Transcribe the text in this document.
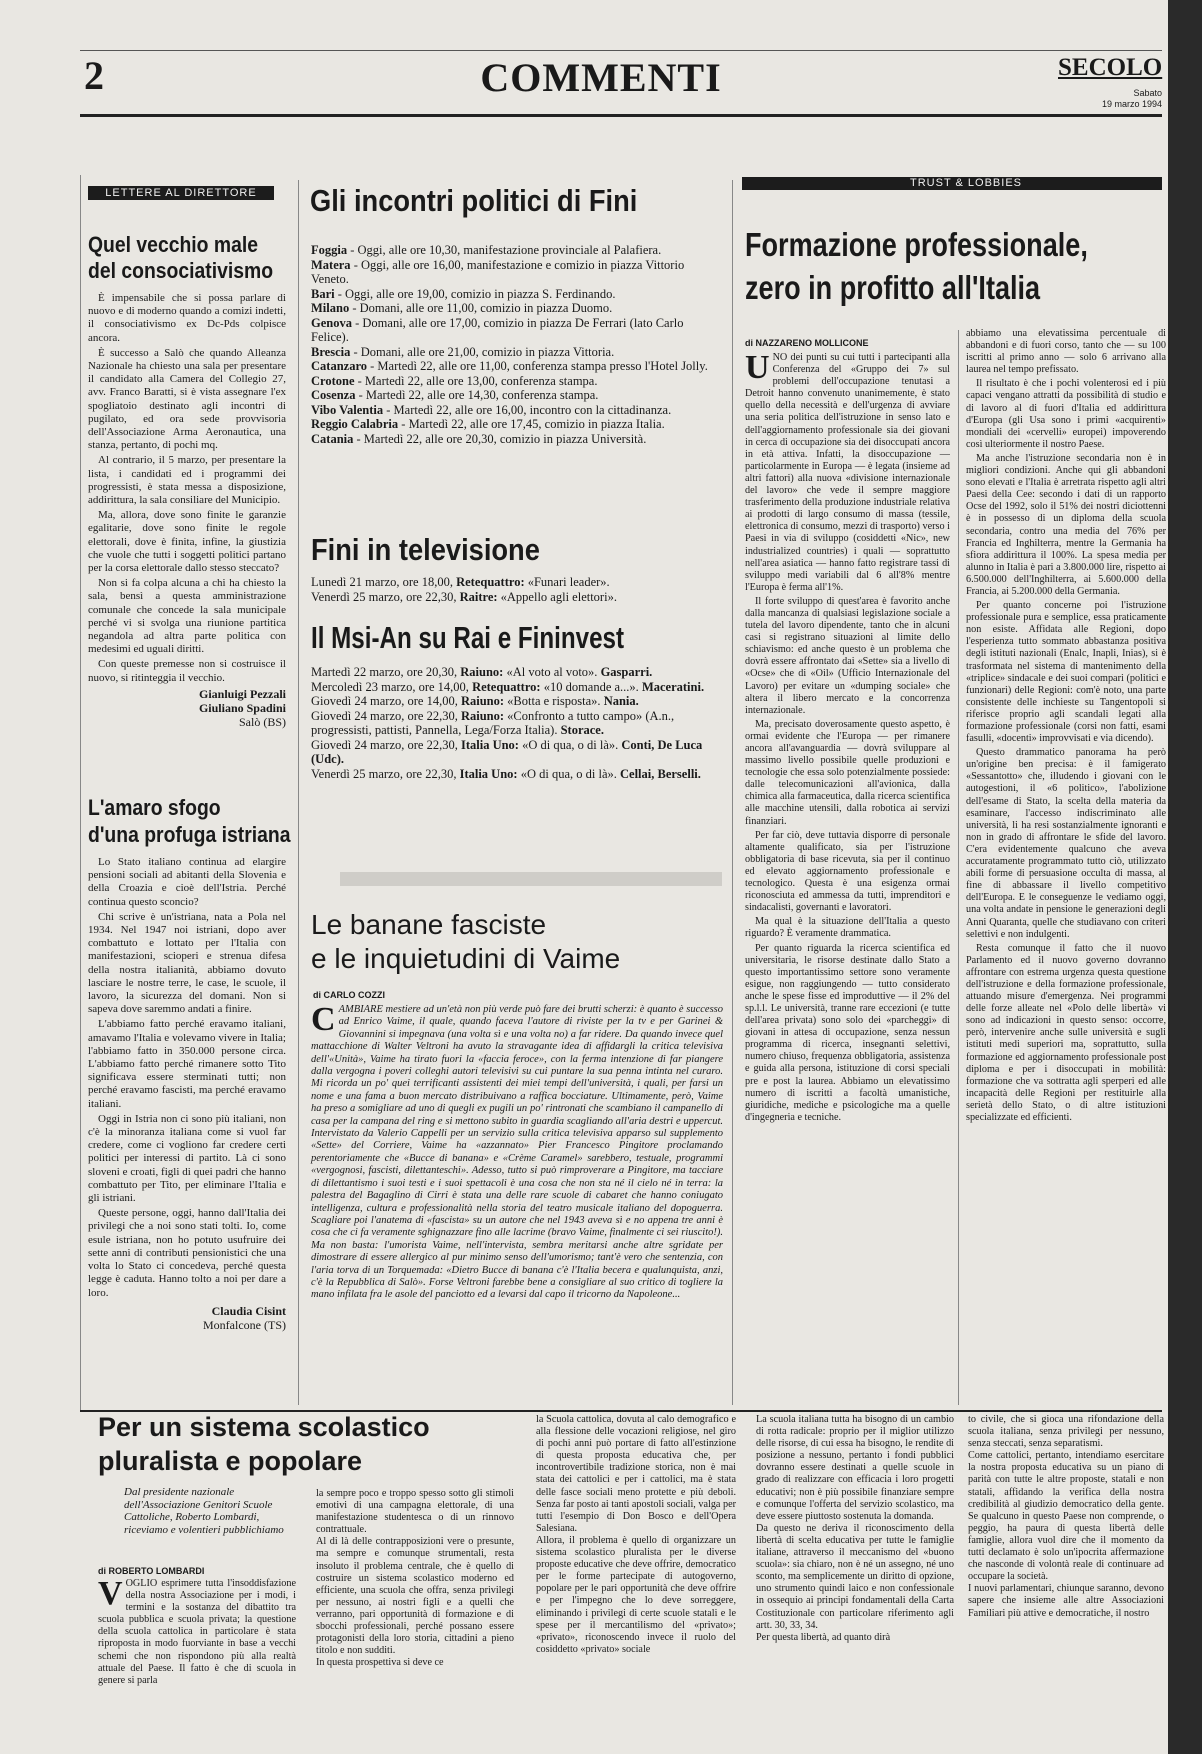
2	COMMENTI	SECOLO
Sabato
19 marzo 1994
LETTERE AL DIRETTORE
Quel vecchio male
del consociativismo

È impensabile che si possa parlare di nuovo e di moderno quando a comizi indetti, il consociativismo ex Dc-Pds colpisce ancora.

È successo a Salò che quando Alleanza Nazionale ha chiesto una sala per presentare il candidato alla Camera del Collegio 27, avv. Franco Baratti, si è vista assegnare l'ex spogliatoio destinato agli incontri di pugilato, ed ora sede provvisoria dell'Associazione Arma Aeronautica, una stanza, pertanto, di pochi mq.

Al contrario, il 5 marzo, per presentare la lista, i candidati ed i programmi dei progressisti, è stata messa a disposizione, addirittura, la sala consiliare del Municipio.

Ma, allora, dove sono finite le garanzie egalitarie, dove sono finite le regole elettorali, dove è finita, infine, la giustizia che vuole che tutti i soggetti politici partano per la corsa elettorale dallo stesso steccato?

Non si fa colpa alcuna a chi ha chiesto la sala, bensì a questa amministrazione comunale che concede la sala municipale perché vi si svolga una riunione partitica negandola ad altra parte politica con medesimi ed uguali diritti.

Con queste premesse non si costruisce il nuovo, si ritinteggia il vecchio.

Gianluigi Pezzali
Giuliano Spadini
Salò (BS)
L'amaro sfogo
d'una profuga istriana

Lo Stato italiano continua ad elargire pensioni sociali ad abitanti della Slovenia e della Croazia e cioè dell'Istria. Perché continua questo sconcio?

Chi scrive è un'istriana, nata a Pola nel 1934. Nel 1947 noi istriani, dopo aver combattuto e lottato per l'Italia con manifestazioni, scioperi e strenua difesa della nostra italianità, abbiamo dovuto lasciare le nostre terre, le case, le scuole, il lavoro, la sicurezza del domani. Non si sapeva dove saremmo andati a finire.

L'abbiamo fatto perché eravamo italiani, amavamo l'Italia e volevamo vivere in Italia; l'abbiamo fatto in 350.000 persone circa. L'abbiamo fatto perché rimanere sotto Tito significava essere sterminati tutti; non perché eravamo fascisti, ma perché eravamo italiani.

Oggi in Istria non ci sono più italiani, non c'è la minoranza italiana come si vuol far credere, come ci vogliono far credere certi politici per interessi di partito. Là ci sono sloveni e croati, figli di quei padri che hanno combattuto per Tito, per eliminare l'Italia e gli istriani.

Queste persone, oggi, hanno dall'Italia dei privilegi che a noi sono stati tolti. Io, come esule istriana, non ho potuto usufruire dei sette anni di contributi pensionistici che una volta lo Stato ci concedeva, perché questa legge è caduta. Hanno tolto a noi per dare a loro.

Claudia Cisint
Monfalcone (TS)
Gli incontri politici di Fini
Foggia - Oggi, alle ore 10,30, manifestazione provinciale al Palafiera.
Matera - Oggi, alle ore 16,00, manifestazione e comizio in piazza Vittorio Veneto.
Bari - Oggi, alle ore 19,00, comizio in piazza S. Ferdinando.
Milano - Domani, alle ore 11,00, comizio in piazza Duomo.
Genova - Domani, alle ore 17,00, comizio in piazza De Ferrari (lato Carlo Felice).
Brescia - Domani, alle ore 21,00, comizio in piazza Vittoria.
Catanzaro - Martedì 22, alle ore 11,00, conferenza stampa presso l'Hotel Jolly.
Crotone - Martedì 22, alle ore 13,00, conferenza stampa.
Cosenza - Martedì 22, alle ore 14,30, conferenza stampa.
Vibo Valentia - Martedì 22, alle ore 16,00, incontro con la cittadinanza.
Reggio Calabria - Martedì 22, alle ore 17,45, comizio in piazza Italia.
Catania - Martedì 22, alle ore 20,30, comizio in piazza Università.
Fini in televisione
Lunedì 21 marzo, ore 18,00, Retequattro: «Funari leader».
Venerdì 25 marzo, ore 22,30, Raitre: «Appello agli elettori».
Il Msi-An su Rai e Fininvest
Martedì 22 marzo, ore 20,30, Raiuno: «Al voto al voto». Gasparri.
Mercoledì 23 marzo, ore 14,00, Retequattro: «10 domande a...». Maceratini.
Giovedì 24 marzo, ore 14,00, Raiuno: «Botta e risposta». Nania.
Giovedì 24 marzo, ore 22,30, Raiuno: «Confronto a tutto campo» (A.n., progressisti, pattisti, Pannella, Lega/Forza Italia). Storace.
Giovedì 24 marzo, ore 22,30, Italia Uno: «O di qua, o di là». Conti, De Luca (Udc).
Venerdì 25 marzo, ore 22,30, Italia Uno: «O di qua, o di là». Cellai, Berselli.
Le banane fasciste
e le inquietudini di Vaime
di CARLO COZZI
CAMBIARE mestiere ad un'età non più verde può fare dei brutti scherzi: è quanto è successo ad Enrico Vaime, il quale, quando faceva l'autore di riviste per la tv e per Garinei & Giovannini si impegnava (una volta sì e una volta no) a far ridere. Da quando invece quel mattacchione di Walter Veltroni ha avuto la stravagante idea di affidargli la critica televisiva dell'«Unità», Vaime ha tirato fuori la «faccia feroce», con la ferma intenzione di far piangere dalla vergogna i poveri colleghi autori televisivi su cui puntare la sua penna intinta nel curaro. Mi ricorda un po' quei terrificanti assistenti dei miei tempi dell'università, i quali, per farsi un nome e una fama a buon mercato distribuivano a raffica bocciature. Ultimamente, però, Vaime ha preso a somigliare ad uno di quegli ex pugili un po' rintronati che scambiano il campanello di casa per la campana del ring e si mettono subito in guardia scagliando all'aria destri e uppercut. Intervistato da Valerio Cappelli per un servizio sulla critica televisiva apparso sul supplemento «Sette» del Corriere, Vaime ha «azzannato» Pier Francesco Pingitore proclamando perentoriamente che «Bucce di banana» e «Crème Caramel» sarebbero, testuale, programmi «vergognosi, fascisti, dilettanteschi». Adesso, tutto si può rimproverare a Pingitore, ma tacciare di dilettantismo i suoi testi e i suoi spettacoli è una cosa che non sta né il cielo né in terra: la palestra del Bagaglino di Cirri è stata una delle rare scuole di cabaret che hanno coniugato intelligenza, cultura e professionalità nella storia del teatro musicale italiano del dopoguerra. Scagliare poi l'anatema di «fascista» su un autore che nel 1943 aveva sì e no appena tre anni è cosa che ci fa veramente sghignazzare fino alle lacrime (bravo Vaime, finalmente ci sei riuscito!). Ma non basta: l'umorista Vaime, nell'intervista, sembra meritarsi anche altre sgridate per dimostrare di essere allergico al pur minimo senso dell'umorismo; tant'è vero che sentenzia, con l'aria torva di un Torquemada: «Dietro Bucce di banana c'è l'Italia becera e qualunquista, anzi, c'è la Repubblica di Salò». Forse Veltroni farebbe bene a consigliare al suo critico di togliere la mano infilata fra le asole del panciotto ed a levarsi dal capo il tricorno da Napoleone...
TRUST & LOBBIES
Formazione professionale,
zero in profitto all'Italia
di NAZZARENO MOLLICONE
U NO dei punti su cui tutti i partecipanti alla Conferenza del «Gruppo dei 7» sul problemi dell'occupazione tenutasi a Detroit hanno convenuto unanimemente, è stato quello della necessità e dell'urgenza di avviare una seria politica dell'istruzione in senso lato e dell'aggiornamento professionale sia dei giovani in cerca di occupazione sia dei disoccupati ancora in età attiva. Infatti, la disoccupazione — particolarmente in Europa — è legata (insieme ad altri fattori) alla nuova «divisione internazionale del lavoro» che vede il sempre maggiore trasferimento della produzione industriale relativa ai prodotti di largo consumo di massa (tessile, elettronica di consumo, mezzi di trasporto) verso i Paesi in via di sviluppo (cosiddetti «Nic», new industrialized countries) i quali — soprattutto nell'area asiatica — hanno fatto registrare tassi di sviluppo medi variabili dal 6 all'8% mentre l'Europa è ferma all'1%.

Il forte sviluppo di quest'area è favorito anche dalla mancanza di qualsiasi legislazione sociale a tutela del lavoro dipendente, tanto che in alcuni casi si registrano situazioni al limite dello schiavismo: ed anche questo è un problema che dovrà essere affrontato dai «Sette» sia a livello di «Ocse» che di «Oil» (Ufficio Internazionale del Lavoro) per evitare un «dumping sociale» che altera il libero mercato e la concorrenza internazionale.

Ma, precisato doverosamente questo aspetto, è ormai evidente che l'Europa — per rimanere ancora all'avanguardia — dovrà sviluppare al massimo livello possibile quelle produzioni e tecnologie che essa solo potenzialmente possiede: dalle telecomunicazioni all'avionica, dalla chimica alla farmaceutica, dalla ricerca scientifica alle macchine utensili, dalla robotica ai servizi finanziari.

Per far ciò, deve tuttavia disporre di personale altamente qualificato, sia per l'istruzione obbligatoria di base ricevuta, sia per il continuo ed elevato aggiornamento professionale e tecnologico. Questa è una esigenza ormai riconosciuta ed ammessa da tutti, imprenditori e sindacalisti, governanti e lavoratori.

Ma qual è la situazione dell'Italia a questo riguardo? È veramente drammatica.

Per quanto riguarda la ricerca scientifica ed universitaria, le risorse destinate dallo Stato a questo importantissimo settore sono veramente esigue, non raggiungendo — tutto considerato anche le spese fisse ed improduttive — il 2% del sp.l.l. Le università, tranne rare eccezioni (e tutte dell'area privata) sono solo dei «parcheggi» di giovani in attesa di occupazione, senza nessun programma di ricerca, insegnanti selettivi, numero chiuso, frequenza obbligatoria, assistenza e guida alla persona, istituzione di corsi speciali pre e post la laurea. Abbiamo un elevatissimo numero di iscritti a facoltà umanistiche, giuridiche, mediche e psicologiche ma a quelle d'ingegneria e tecniche.

abbiamo una elevatissima percentuale di abbandoni e di fuori corso, tanto che — su 100 iscritti al primo anno — solo 6 arrivano alla laurea nel tempo prefissato.

Il risultato è che i pochi volenterosi ed i più capaci vengano attratti da possibilità di studio e di lavoro al di fuori d'Italia ed addirittura d'Europa (gli Usa sono i primi «acquirenti» mondiali dei «cervelli» europei) impoverendo così ulteriormente il nostro Paese.

Ma anche l'istruzione secondaria non è in migliori condizioni. Anche qui gli abbandoni sono elevati e l'Italia è arretrata rispetto agli altri Paesi della Cee: secondo i dati di un rapporto Ocse del 1992, solo il 51% dei nostri diciottenni è in possesso di un diploma della scuola secondaria, contro una media del 76% per Francia ed Inghilterra, mentre la Germania ha sfiora addirittura il 100%. La spesa media per alunno in Italia è pari a 3.800.000 lire, rispetto ai 6.500.000 dell'Inghilterra, ai 5.600.000 della Francia, ai 5.200.000 della Germania.

Per quanto concerne poi l'istruzione professionale pura e semplice, essa praticamente non esiste. Affidata alle Regioni, dopo l'esperienza tutto sommato abbastanza positiva degli istituti nazionali (Enalc, Inapli, Inias), si è trasformata nel sistema di mantenimento della «triplice» sindacale e dei suoi compari (politici e funzionari) delle Regioni: com'è noto, una parte consistente delle inchieste su Tangentopoli si riferisce proprio agli scandali legati alla formazione professionale (corsi non fatti, esami fasulli, «docenti» improvvisati e via dicendo).

Questo drammatico panorama ha però un'origine ben precisa: è il famigerato «Sessantotto» che, illudendo i giovani con le autogestioni, il «6 politico», l'abolizione dell'esame di Stato, la scelta della materia da esaminare, l'accesso indiscriminato alle università, li ha resi sostanzialmente ignoranti e non in grado di affrontare le sfide del lavoro. C'era evidentemente qualcuno che aveva accuratamente programmato tutto ciò, utilizzato abili forme di persuasione occulta di massa, al fine di abbassare il livello competitivo dell'Europa. E le conseguenze le vediamo oggi, una volta andate in pensione le generazioni degli Anni Quaranta, quelle che studiavano con criteri selettivi e non indulgenti.

Resta comunque il fatto che il nuovo Parlamento ed il nuovo governo dovranno affrontare con estrema urgenza questa questione dell'istruzione e della formazione professionale, attuando misure d'emergenza. Nei programmi delle forze alleate nel «Polo delle libertà» vi sono ad indicazioni in questo senso: occorre, però, intervenire anche sulle università e sugli istituti medi superiori ma, soprattutto, sulla formazione ed aggiornamento professionale post diploma e per i disoccupati in mobilità: formazione che va sottratta agli sperperi ed alle incapacità delle Regioni per restituirle alla serietà dello Stato, o di altre istituzioni specializzate ed efficienti.

Per un sistema scolastico
pluralista e popolare
Dal presidente nazionale dell'Associazione Genitori Scuole Cattoliche, Roberto Lombardi, riceviamo e volentieri pubblichiamo
di ROBERTO LOMBARDI
VOGLIO esprimere tutta l'insoddisfazione della nostra Associazione per i modi, i termini e la sostanza del dibattito tra scuola pubblica e scuola privata; la questione della scuola cattolica in particolare è stata riproposta in modo fuorviante in base a vecchi schemi che non rispondono più alla realtà attuale del Paese. Il fatto è che di scuola in genere si parla
la sempre poco e troppo spesso sotto gli stimoli emotivi di una campagna elettorale, di una manifestazione studentesca o di un rinnovo contrattuale.
Al di là delle contrapposizioni vere o presunte, ma sempre e comunque strumentali, resta insoluto il problema centrale, che è quello di costruire un sistema scolastico moderno ed efficiente, una scuola che offra, senza privilegi per nessuno, ai nostri figli e a quelli che verranno, pari opportunità di formazione e di sbocchi professionali, perché possano essere protagonisti della loro storia, cittadini a pieno titolo e non sudditi.
In questa prospettiva si deve ce
la Scuola cattolica, dovuta al calo demografico e alla flessione delle vocazioni religiose, nel giro di pochi anni può portare di fatto all'estinzione di questa proposta educativa che, per incontrovertibile tradizione storica, non è mai stata dei cattolici e per i cattolici, ma è stata delle fasce sociali meno protette e più deboli. Senza far posto ai tanti apostoli sociali, valga per tutti l'esempio di Don Bosco e dell'Opera Salesiana.
Allora, il problema è quello di organizzare un sistema scolastico pluralista per le diverse proposte educative che deve offrire, democratico per le forme partecipate di autogoverno, popolare per le pari opportunità che deve offrire e per l'impegno che lo deve sorreggere, eliminando i privilegi di certe scuole statali e le spese per il mercantilismo del «privato»; «privato», riconoscendo invece il ruolo del cosiddetto «privato» sociale
La scuola italiana tutta ha bisogno di un cambio di rotta radicale: proprio per il miglior utilizzo delle risorse, di cui essa ha bisogno, le rendite di posizione a nessuno, pertanto i fondi pubblici dovranno essere destinati a quelle scuole in grado di realizzare con efficacia i loro progetti educativi; non è più possibile finanziare sempre e comunque l'offerta del servizio scolastico, ma deve essere piuttosto sostenuta la domanda.
Da questo ne deriva il riconoscimento della libertà di scelta educativa per tutte le famiglie italiane, attraverso il meccanismo del «buono scuola»: sia chiaro, non è né un assegno, né uno sconto, ma semplicemente un diritto di opzione, uno strumento quindi laico e non confessionale in ossequio ai principi fondamentali della Carta Costituzionale con particolare riferimento agli artt. 30, 33, 34.
Per questa libertà, ad quanto dirà
to civile, che si gioca una rifondazione della scuola italiana, senza privilegi per nessuno, senza steccati, senza separatismi.
Come cattolici, pertanto, intendiamo esercitare la nostra proposta educativa su un piano di parità con tutte le altre proposte, statali e non statali, affidando la verifica della nostra credibilità al giudizio democratico della gente. Se qualcuno in questo Paese non comprende, o peggio, ha paura di questa libertà delle famiglie, allora vuol dire che il momento da tutti declamato è solo un'ipocrita affermazione che nasconde di volontà reale di continuare ad occupare la società.
I nuovi parlamentari, chiunque saranno, devono sapere che insieme alle altre Associazioni Familiari più attive e democratiche, il nostro
